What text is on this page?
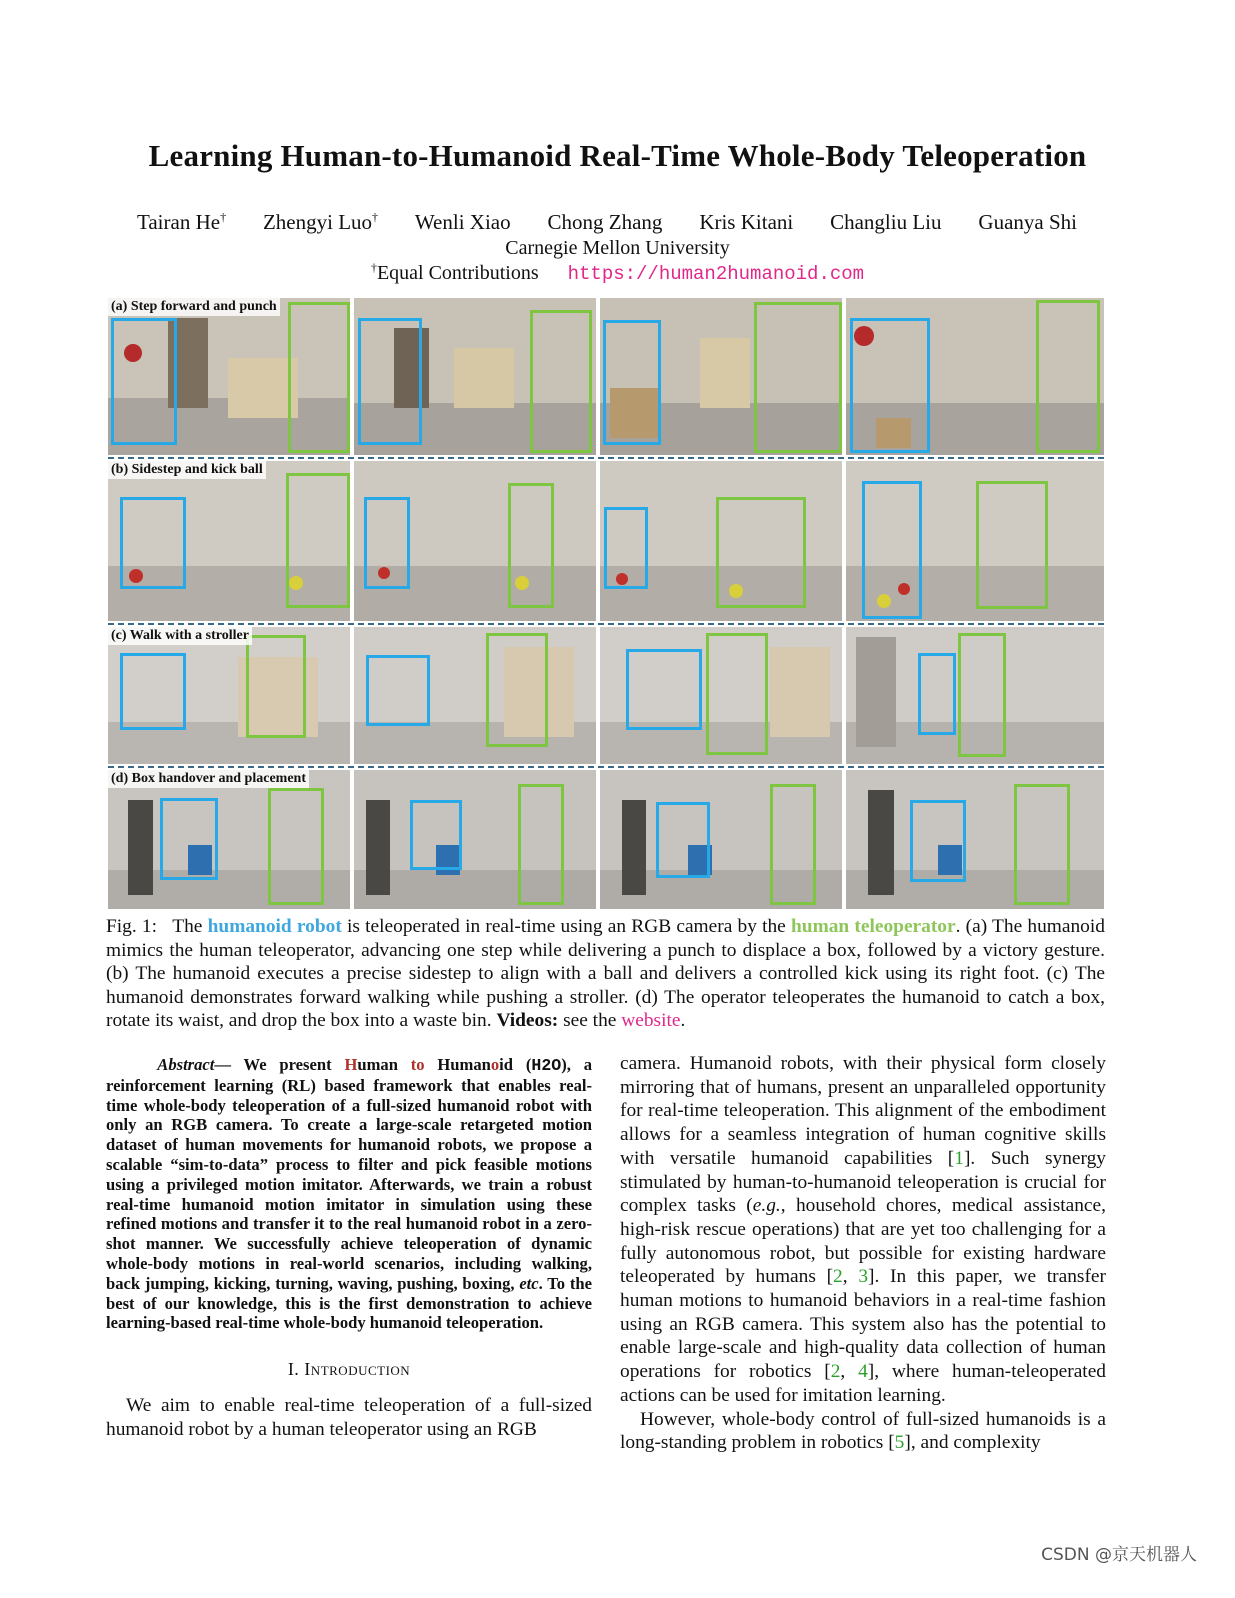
Learning Human-to-Humanoid Real-Time Whole-Body Teleoperation
Tairan He† Zhengyi Luo† Wenli Xiao Chong Zhang Kris Kitani Changliu Liu Guanya Shi
Carnegie Mellon University
†Equal Contributions https://human2humanoid.com
(a) Step forward and punch
(b) Sidestep and kick ball
(c) Walk with a stroller
(d) Box handover and placement
Fig. 1: The humanoid robot is teleoperated in real-time using an RGB camera by the human teleoperator. (a) The humanoid mimics the human teleoperator, advancing one step while delivering a punch to displace a box, followed by a victory gesture. (b) The humanoid executes a precise sidestep to align with a ball and delivers a controlled kick using its right foot. (c) The humanoid demonstrates forward walking while pushing a stroller. (d) The operator teleoperates the humanoid to catch a box, rotate its waist, and drop the box into a waste bin. Videos: see the website.

Abstract— We present Human to Humanoid (H2O), a reinforcement learning (RL) based framework that enables real-time whole-body teleoperation of a full-sized humanoid robot with only an RGB camera. To create a large-scale retargeted motion dataset of human movements for humanoid robots, we propose a scalable “sim-to-data” process to filter and pick feasible motions using a privileged motion imitator. Afterwards, we train a robust real-time humanoid motion imitator in simulation using these refined motions and transfer it to the real humanoid robot in a zero-shot manner. We successfully achieve teleoperation of dynamic whole-body motions in real-world scenarios, including walking, back jumping, kicking, turning, waving, pushing, boxing, etc. To the best of our knowledge, this is the first demonstration to achieve learning-based real-time whole-body humanoid teleoperation.

I. Introduction

We aim to enable real-time teleoperation of a full-sized humanoid robot by a human teleoperator using an RGB

camera. Humanoid robots, with their physical form closely mirroring that of humans, present an unparalleled opportunity for real-time teleoperation. This alignment of the embodiment allows for a seamless integration of human cognitive skills with versatile humanoid capabilities [1]. Such synergy stimulated by human-to-humanoid teleoperation is crucial for complex tasks (e.g., household chores, medical assistance, high-risk rescue operations) that are yet too challenging for a fully autonomous robot, but possible for existing hardware teleoperated by humans [2, 3]. In this paper, we transfer human motions to humanoid behaviors in a real-time fashion using an RGB camera. This system also has the potential to enable large-scale and high-quality data collection of human operations for robotics [2, 4], where human-teleoperated actions can be used for imitation learning.

However, whole-body control of full-sized humanoids is a long-standing problem in robotics [5], and complexity

CSDN @京天机器人
